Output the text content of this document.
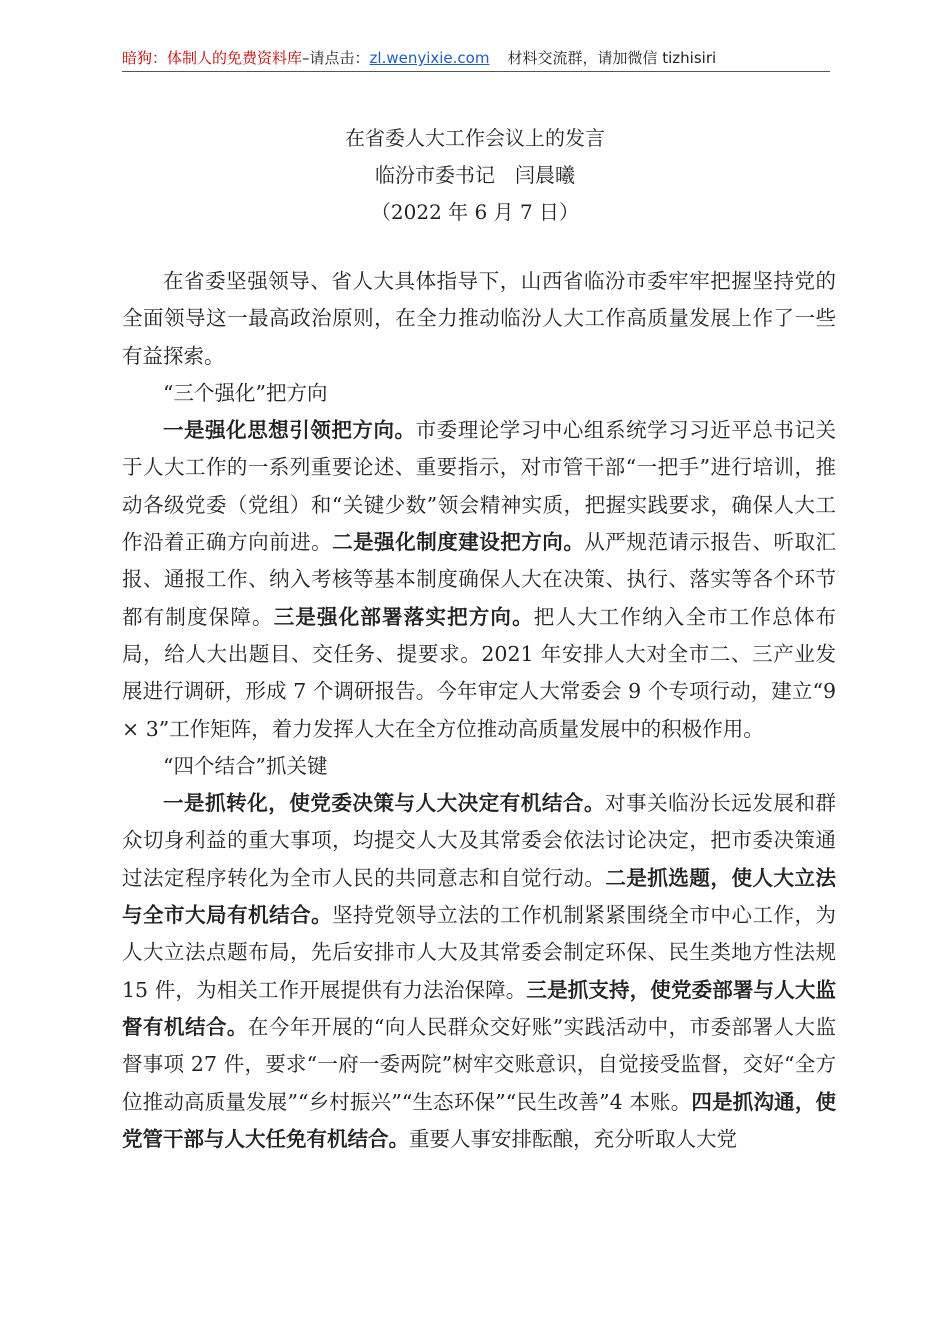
暗狗：体制人的免费资料库–请点击：zl.wenyixie.com 材料交流群，请加微信 tizhisiri
在省委人大工作会议上的发言
临汾市委书记　闫晨曦
（2022 年 6 月 7 日）

在省委坚强领导、省人大具体指导下，山西省临汾市委牢牢把握坚持党的全面领导这一最高政治原则，在全力推动临汾人大工作高质量发展上作了一些有益探索。

“三个强化”把方向

一是强化思想引领把方向。市委理论学习中心组系统学习习近平总书记关于人大工作的一系列重要论述、重要指示，对市管干部“一把手”进行培训，推动各级党委（党组）和“关键少数”领会精神实质，把握实践要求，确保人大工作沿着正确方向前进。二是强化制度建设把方向。从严规范请示报告、听取汇报、通报工作、纳入考核等基本制度确保人大在决策、执行、落实等各个环节都有制度保障。三是强化部署落实把方向。把人大工作纳入全市工作总体布局，给人大出题目、交任务、提要求。2021 年安排人大对全市二、三产业发展进行调研，形成 7 个调研报告。今年审定人大常委会 9 个专项行动，建立“9 × 3”工作矩阵，着力发挥人大在全方位推动高质量发展中的积极作用。

“四个结合”抓关键

一是抓转化，使党委决策与人大决定有机结合。对事关临汾长远发展和群众切身利益的重大事项，均提交人大及其常委会依法讨论决定，把市委决策通过法定程序转化为全市人民的共同意志和自觉行动。二是抓选题，使人大立法与全市大局有机结合。坚持党领导立法的工作机制紧紧围绕全市中心工作，为人大立法点题布局，先后安排市人大及其常委会制定环保、民生类地方性法规 15 件，为相关工作开展提供有力法治保障。三是抓支持，使党委部署与人大监督有机结合。在今年开展的“向人民群众交好账”实践活动中，市委部署人大监督事项 27 件，要求“一府一委两院”树牢交账意识，自觉接受监督，交好“全方位推动高质量发展”“乡村振兴”“生态环保”“民生改善”4 本账。四是抓沟通，使党管干部与人大任免有机结合。重要人事安排酝酿，充分听取人大党
